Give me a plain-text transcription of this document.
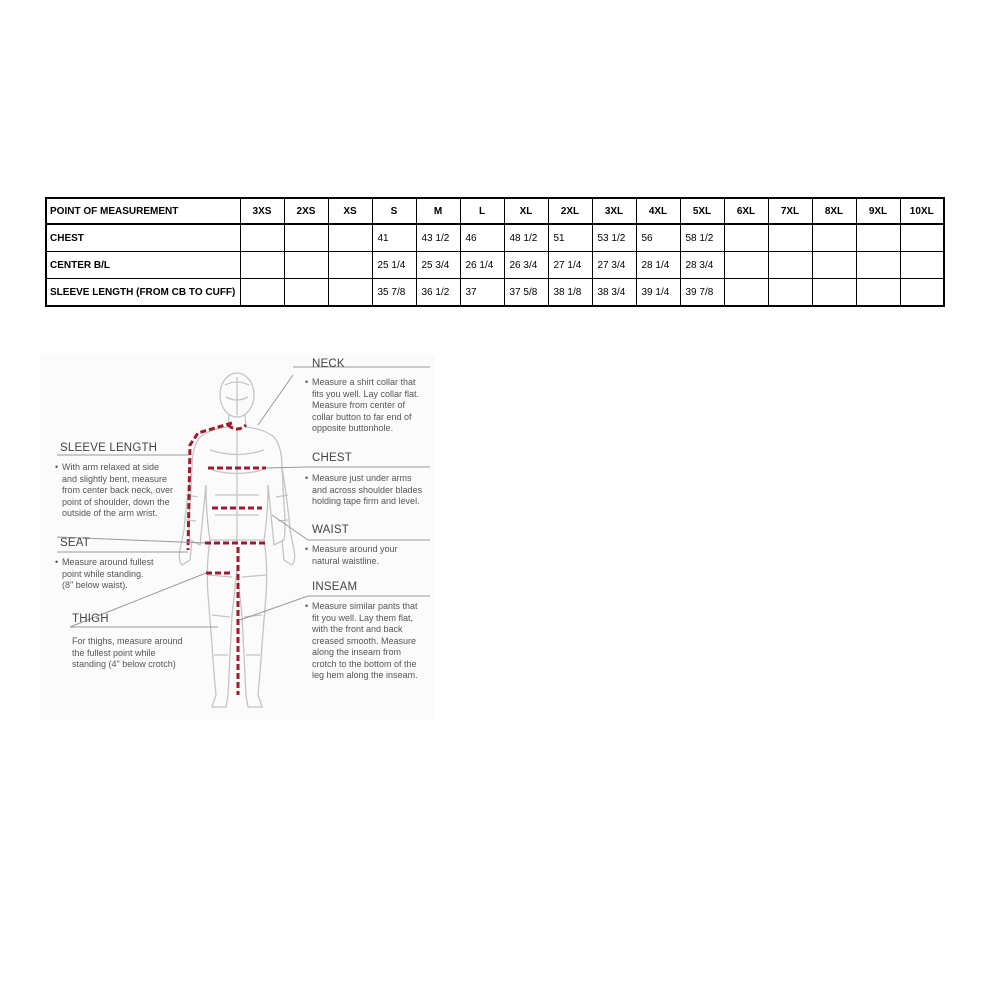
POINT OF MEASUREMENT	3XS	2XS	XS	S	M	L	XL	2XL	3XL	4XL	5XL	6XL	7XL	8XL	9XL	10XL
CHEST				41	43 1/2	46	48 1/2	51	53 1/2	56	58 1/2					
CENTER B/L				25 1/4	25 3/4	26 1/4	26 3/4	27 1/4	27 3/4	28 1/4	28 3/4					
SLEEVE LENGTH (FROM CB TO CUFF)				35 7/8	36 1/2	37	37 5/8	38 1/8	38 3/4	39 1/4	39 7/8					
NECK
• Measure a shirt collar that
fits you well. Lay collar flat.
Measure from center of
collar button to far end of
opposite buttonhole.
CHEST
• Measure just under arms
and across shoulder blades
holding tape firm and level.
WAIST
• Measure around your
natural waistline.
INSEAM
• Measure similar pants that
fit you well. Lay them flat,
with the front and back
creased smooth. Measure
along the inseam from
crotch to the bottom of the
leg hem along the inseam.
SLEEVE LENGTH
• With arm relaxed at side
and slightly bent, measure
from center back neck, over
point of shoulder, down the
outside of the arm wrist.
SEAT
• Measure around fullest
point while standing.
(8" below waist).
THIGH
For thighs, measure around
the fullest point while
standing (4" below crotch)
